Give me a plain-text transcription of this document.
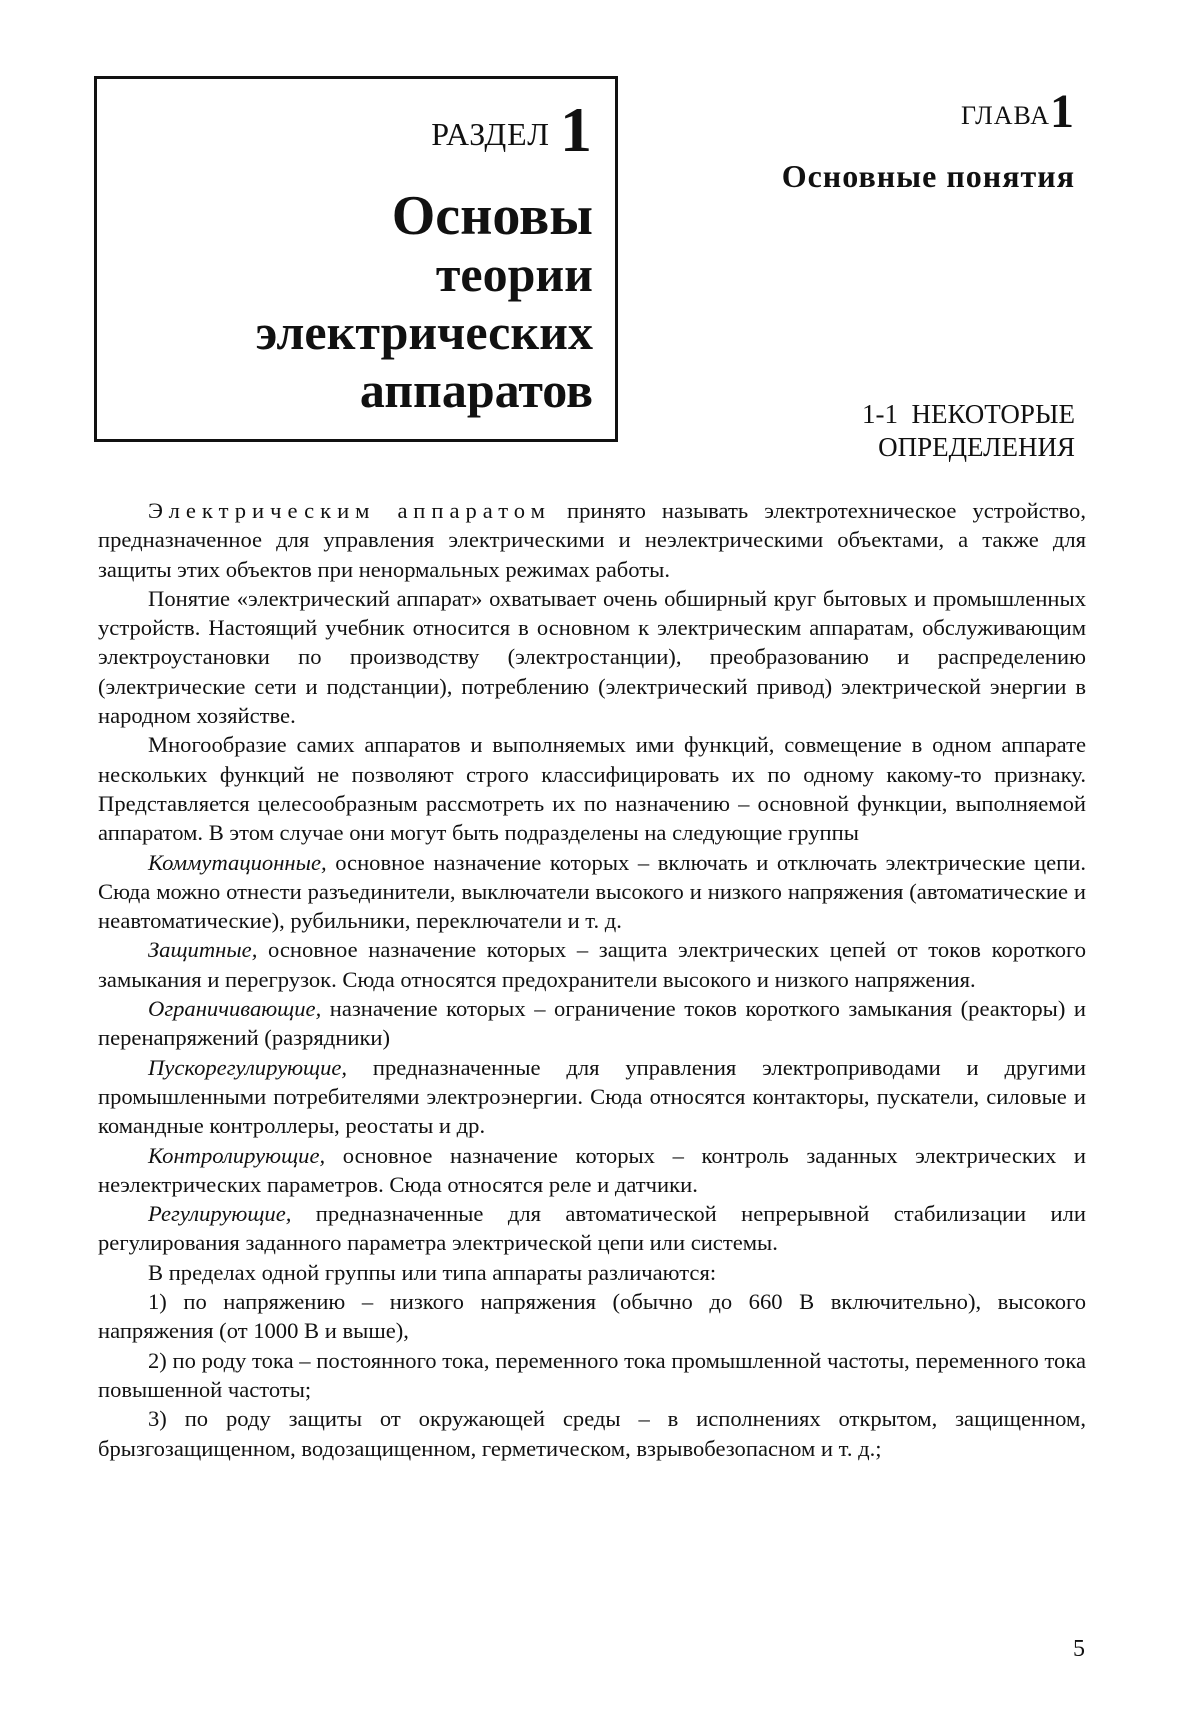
РАЗДЕЛ 1
Основы
теории
электрических
аппаратов
ГЛАВА1
Основные понятия
1-1 НЕКОТОРЫЕ
ОПРЕДЕЛЕНИЯ

Электрическим аппаратом принято называть электротехническое устройство, предназначенное для управления электрическими и неэлектрическими объектами, а также для защиты этих объектов при ненормальных режимах работы.

Понятие «электрический аппарат» охватывает очень обширный круг бытовых и промышленных устройств. Настоящий учебник относится в основном к электрическим аппаратам, обслуживающим электроустановки по производству (электростанции), преобразованию и распределению (электрические сети и подстанции), потреблению (электрический привод) электрической энергии в народном хозяйстве.

Многообразие самих аппаратов и выполняемых ими функций, совмещение в одном аппарате нескольких функций не позволяют строго классифицировать их по одному какому-то признаку. Представляется целесообразным рассмотреть их по назначению – основной функции, выполняемой аппаратом. В этом случае они могут быть подразделены на следующие группы

Коммутационные, основное назначение которых – включать и отключать электрические цепи. Сюда можно отнести разъединители, выключатели высокого и низкого напряжения (автоматические и неавтоматические), рубильники, переключатели и т. д.

Защитные, основное назначение которых – защита электрических цепей от токов короткого замыкания и перегрузок. Сюда относятся предохранители высокого и низкого напряжения.

Ограничивающие, назначение которых – ограничение токов короткого замыкания (реакторы) и перенапряжений (разрядники)

Пускорегулирующие, предназначенные для управления электроприводами и другими промышленными потребителями электроэнергии. Сюда относятся контакторы, пускатели, силовые и командные контроллеры, реостаты и др.

Контролирующие, основное назначение которых – контроль заданных электрических и неэлектрических параметров. Сюда относятся реле и датчики.

Регулирующие, предназначенные для автоматической непрерывной стабилизации или регулирования заданного параметра электрической цепи или системы.

В пределах одной группы или типа аппараты различаются:

1) по напряжению – низкого напряжения (обычно до 660 В включительно), высокого напряжения (от 1000 В и выше),

2) по роду тока – постоянного тока, переменного тока промышленной частоты, переменного тока повышенной частоты;

3) по роду защиты от окружающей среды – в исполнениях открытом, защищенном, брызгозащищенном, водозащищенном, герметическом, взрывобезопасном и т. д.;

5
